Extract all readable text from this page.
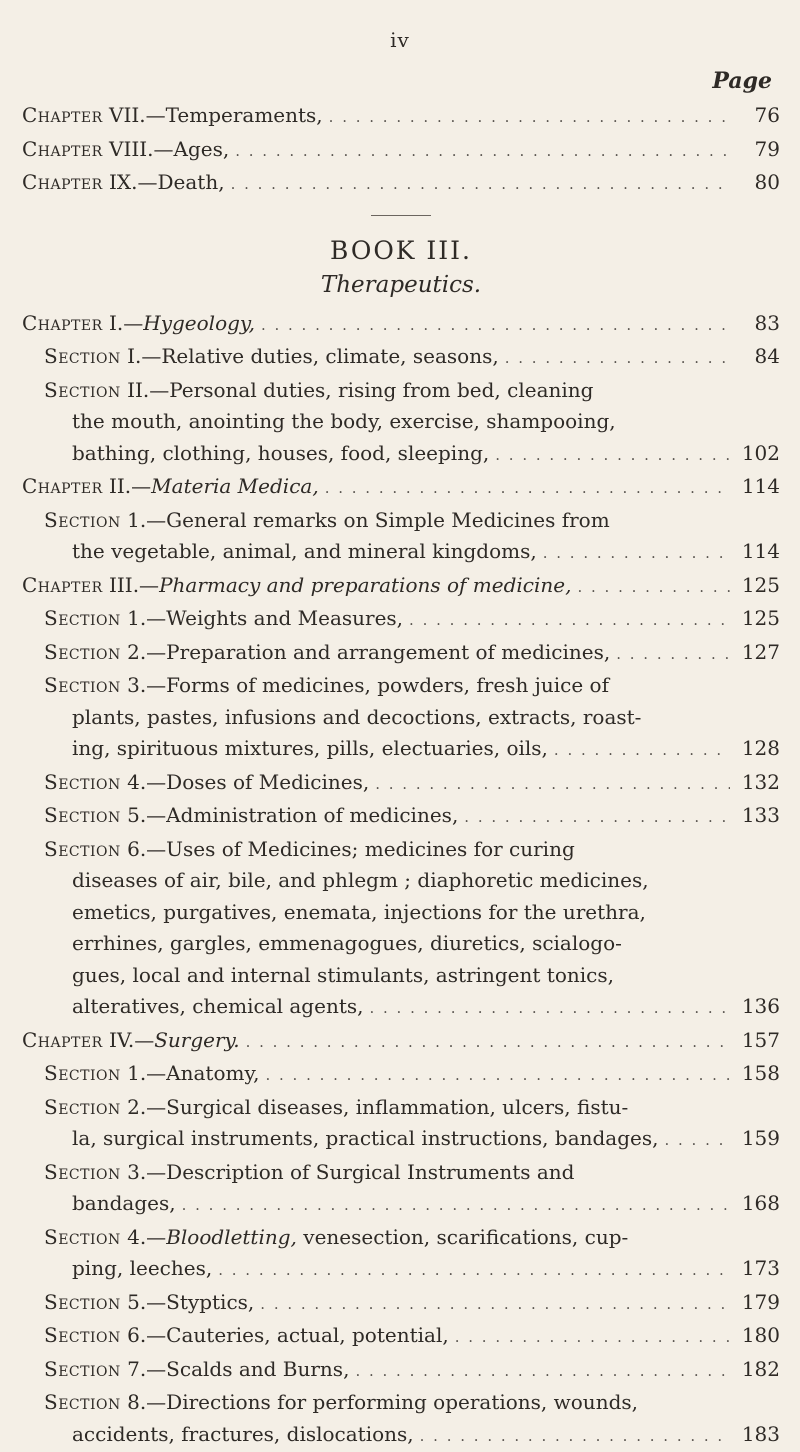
iv
Page
Chapter VII.—Temperaments, . . .	76
Chapter VIII.—Ages, . . .	79
Chapter IX.—Death, . . .	80
BOOK III.
Therapeutics.
Chapter I.—Hygeology, . . .	83
Section I.—Relative duties, climate, seasons, . . .	84
Section II.—Personal duties, rising from bed, cleaning
the mouth, anointing the body, exercise, shampooing,
bathing, clothing, houses, food, sleeping, . . .	102
Chapter II.—Materia Medica, . . .	114
Section 1.—General remarks on Simple Medicines from
the vegetable, animal, and mineral kingdoms, . . .	114
Chapter III.—Pharmacy and preparations of medicine, . . .	125
Section 1.—Weights and Measures, . . .	125
Section 2.—Preparation and arrangement of medicines, . . .	127
Section 3.—Forms of medicines, powders, fresh juice of
plants, pastes, infusions and decoctions, extracts, roast-
ing, spirituous mixtures, pills, electuaries, oils, . . .	128
Section 4.—Doses of Medicines, . . .	132
Section 5.—Administration of medicines, . . .	133
Section 6.—Uses of Medicines; medicines for curing
diseases of air, bile, and phlegm ; diaphoretic medicines,
emetics, purgatives, enemata, injections for the urethra,
errhines, gargles, emmenagogues, diuretics, scialogo-
gues, local and internal stimulants, astringent tonics,
alteratives, chemical agents, . . .	136
Chapter IV.—Surgery. . . .	157
Section 1.—Anatomy, . . .	158
Section 2.—Surgical diseases, inflammation, ulcers, fistu-
la, surgical instruments, practical instructions, bandages, . . .	159
Section 3.—Description of Surgical Instruments and
bandages, . . .	168
Section 4.—Bloodletting, venesection, scarifications, cup-
ping, leeches, . . .	173
Section 5.—Styptics, . . .	179
Section 6.—Cauteries, actual, potential, . . .	180
Section 7.—Scalds and Burns, . . .	182
Section 8.—Directions for performing operations, wounds,
accidents, fractures, dislocations, . . .	183
